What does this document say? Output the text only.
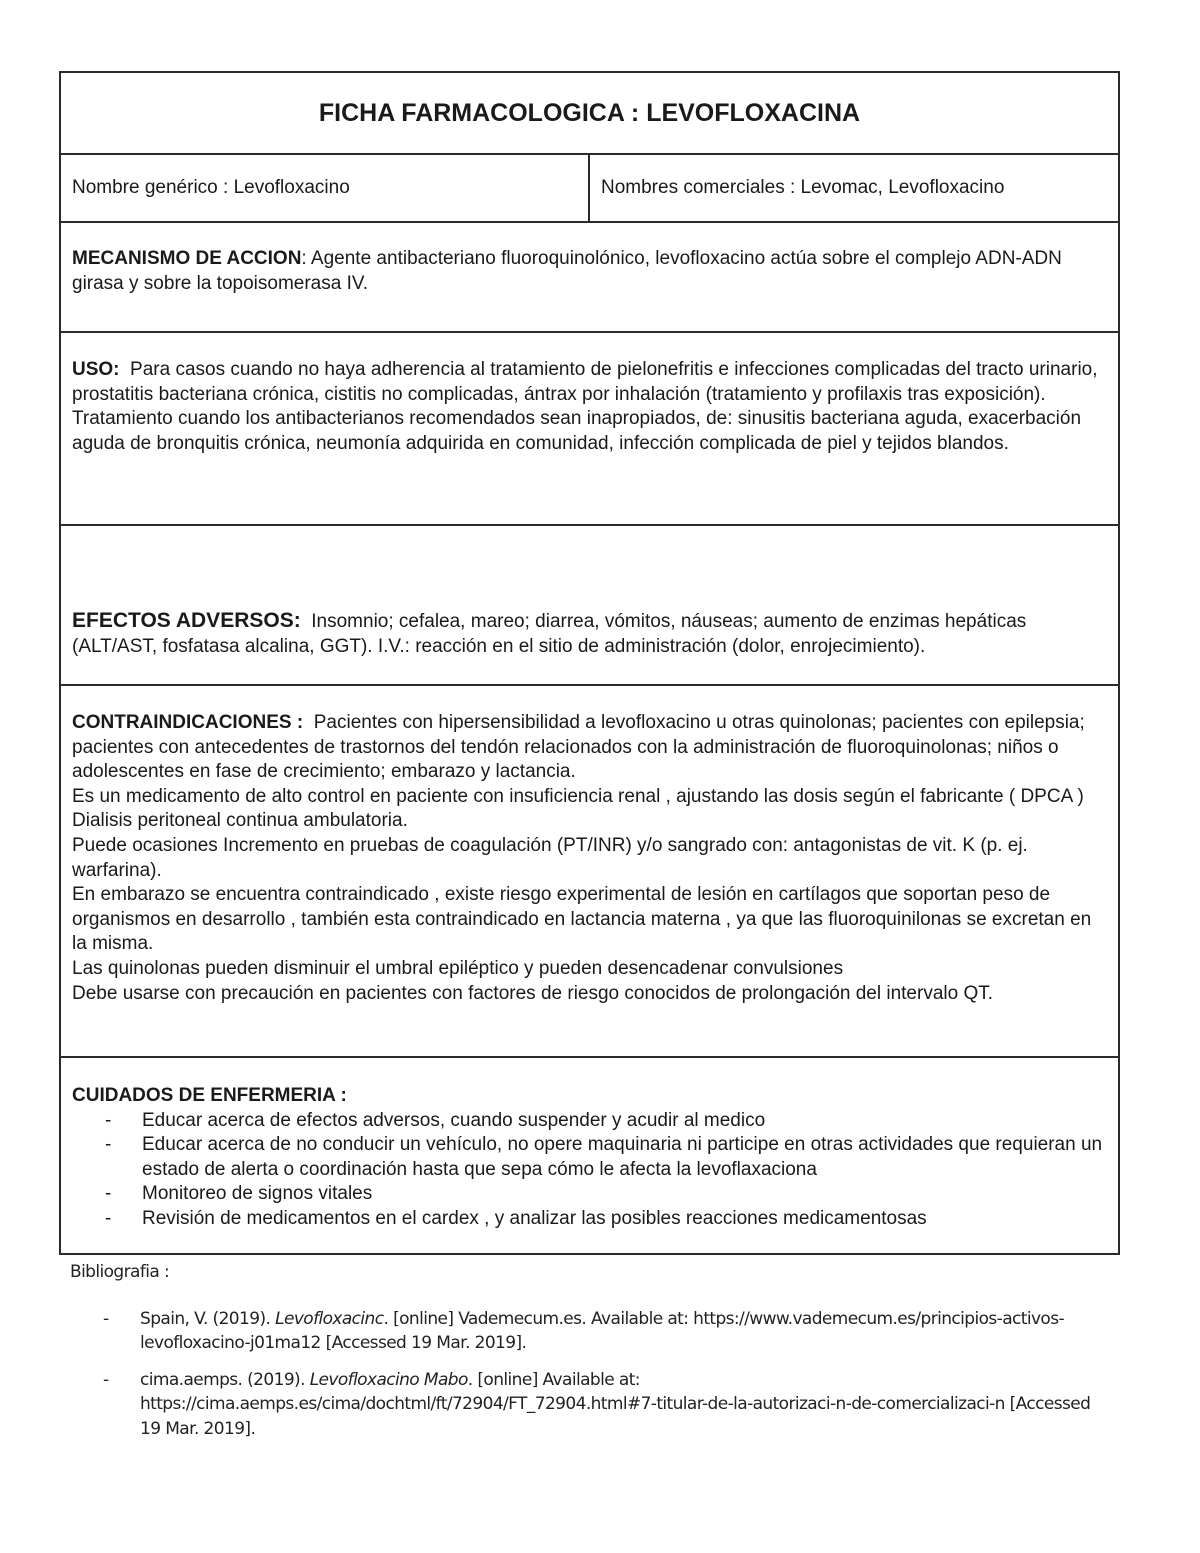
FICHA FARMACOLOGICA : LEVOFLOXACINA
Nombre genérico : Levofloxacino	Nombres comerciales : Levomac, Levofloxacino
MECANISMO DE ACCION: Agente antibacteriano fluoroquinolónico, levofloxacino actúa sobre el complejo ADN-ADN girasa y sobre la topoisomerasa IV.

USO:  Para casos cuando no haya adherencia al tratamiento de pielonefritis e infecciones complicadas del tracto urinario, prostatitis bacteriana crónica, cistitis no complicadas, ántrax por inhalación (tratamiento y profilaxis tras exposición).

Tratamiento cuando los antibacterianos recomendados sean inapropiados, de: sinusitis bacteriana aguda, exacerbación aguda de bronquitis crónica, neumonía adquirida en comunidad, infección complicada de piel y tejidos blandos.

EFECTOS ADVERSOS:  Insomnio; cefalea, mareo; diarrea, vómitos, náuseas; aumento de enzimas hepáticas (ALT/AST, fosfatasa alcalina, GGT). I.V.: reacción en el sitio de administración (dolor, enrojecimiento).

CONTRAINDICACIONES :  Pacientes con hipersensibilidad a levofloxacino u otras quinolonas; pacientes con epilepsia; pacientes con antecedentes de trastornos del tendón relacionados con la administración de fluoroquinolonas; niños o adolescentes en fase de crecimiento; embarazo y lactancia.

Es un medicamento de alto control en paciente con insuficiencia renal , ajustando las dosis según el fabricante ( DPCA ) Dialisis peritoneal continua ambulatoria.

Puede ocasiones Incremento en pruebas de coagulación (PT/INR) y/o sangrado con: antagonistas de vit. K (p. ej. warfarina).

En embarazo se encuentra contraindicado , existe riesgo experimental de lesión en cartílagos que soportan peso de organismos en desarrollo , también esta contraindicado en lactancia materna , ya que las fluoroquinilonas se excretan en la misma.

Las quinolonas pueden disminuir el umbral epiléptico y pueden desencadenar convulsiones

Debe usarse con precaución en pacientes con factores de riesgo conocidos de prolongación del intervalo QT.

CUIDADOS DE ENFERMERIA :

- Educar acerca de efectos adversos, cuando suspender y acudir al medico
- Educar acerca de no conducir un vehículo, no opere maquinaria ni participe en otras actividades que requieran un estado de alerta o coordinación hasta que sepa cómo le afecta la levoflaxaciona
- Monitoreo de signos vitales
- Revisión de medicamentos en el cardex , y analizar las posibles reacciones medicamentosas

Bibliografia :

- Spain, V. (2019). Levofloxacinc. [online] Vademecum.es. Available at: https://www.vademecum.es/principios-activos-levofloxacino-j01ma12 [Accessed 19 Mar. 2019].
- cima.aemps. (2019). Levofloxacino Mabo. [online] Available at: https://cima.aemps.es/cima/dochtml/ft/72904/FT_72904.html#7-titular-de-la-autorizaci-n-de-comercializaci-n [Accessed 19 Mar. 2019].
